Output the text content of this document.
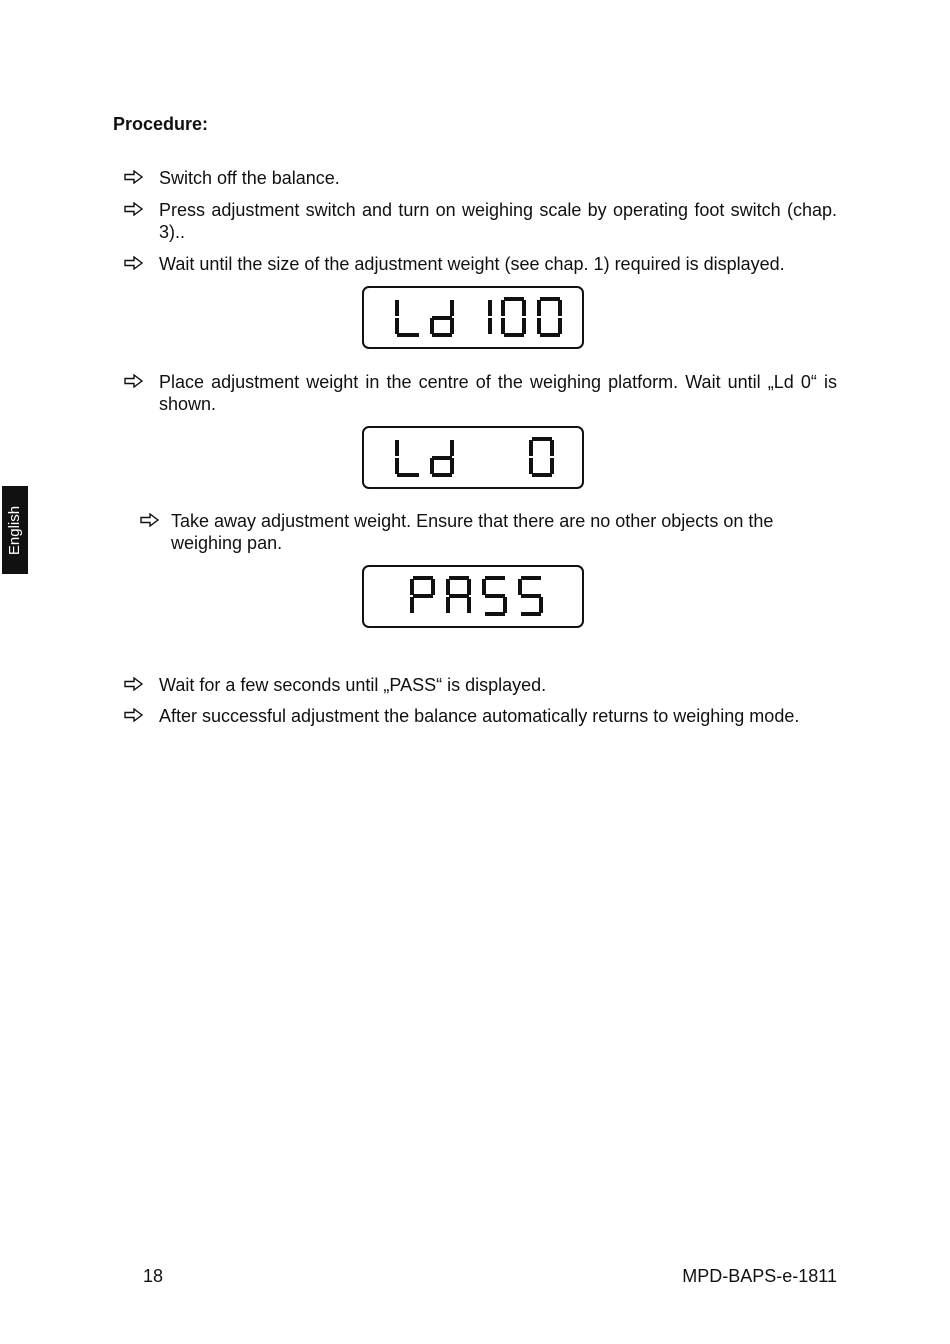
English
Procedure:
Switch off the balance.
Press adjustment switch and turn on weighing scale by operating foot switch (chap. 3)..
Wait until the size of the adjustment weight (see chap. 1) required is displayed.
Place adjustment weight in the centre of the weighing platform. Wait until „Ld 0“ is shown.
Take away adjustment weight. Ensure that there are no other objects on the weighing pan.
Wait for a few seconds until „PASS“ is displayed.
After successful adjustment the balance automatically returns to weighing mode.
18	MPD-BAPS-e-1811
